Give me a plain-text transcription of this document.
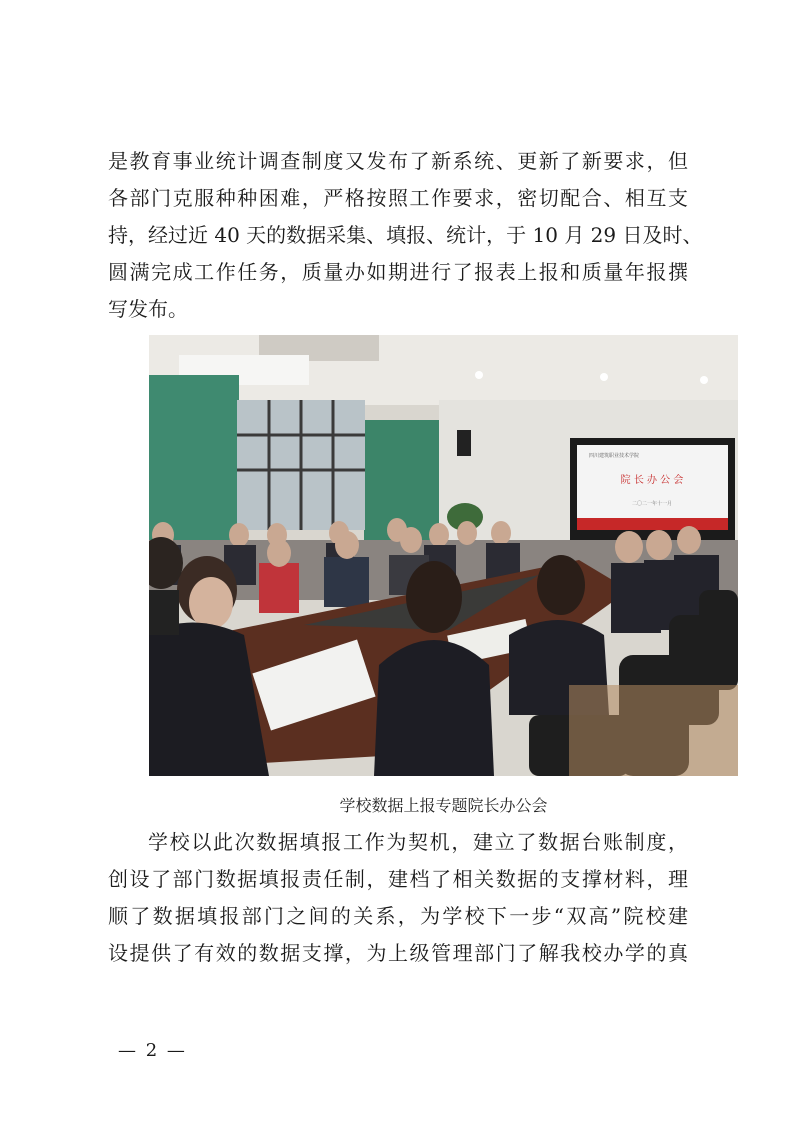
是教育事业统计调查制度又发布了新系统、更新了新要求，但
各部门克服种种困难，严格按照工作要求，密切配合、相互支
持，经过近 40 天的数据采集、填报、统计，于 10 月 29 日及时、
圆满完成工作任务，质量办如期进行了报表上报和质量年报撰
写发布。
四川建筑职业技术学院
院 长 办 公 会
二〇二一年十一月
学校数据上报专题院长办公会
学校以此次数据填报工作为契机，建立了数据台账制度，
创设了部门数据填报责任制，建档了相关数据的支撑材料，理
顺了数据填报部门之间的关系，为学校下一步“双高”院校建
设提供了有效的数据支撑，为上级管理部门了解我校办学的真
— 2 —
